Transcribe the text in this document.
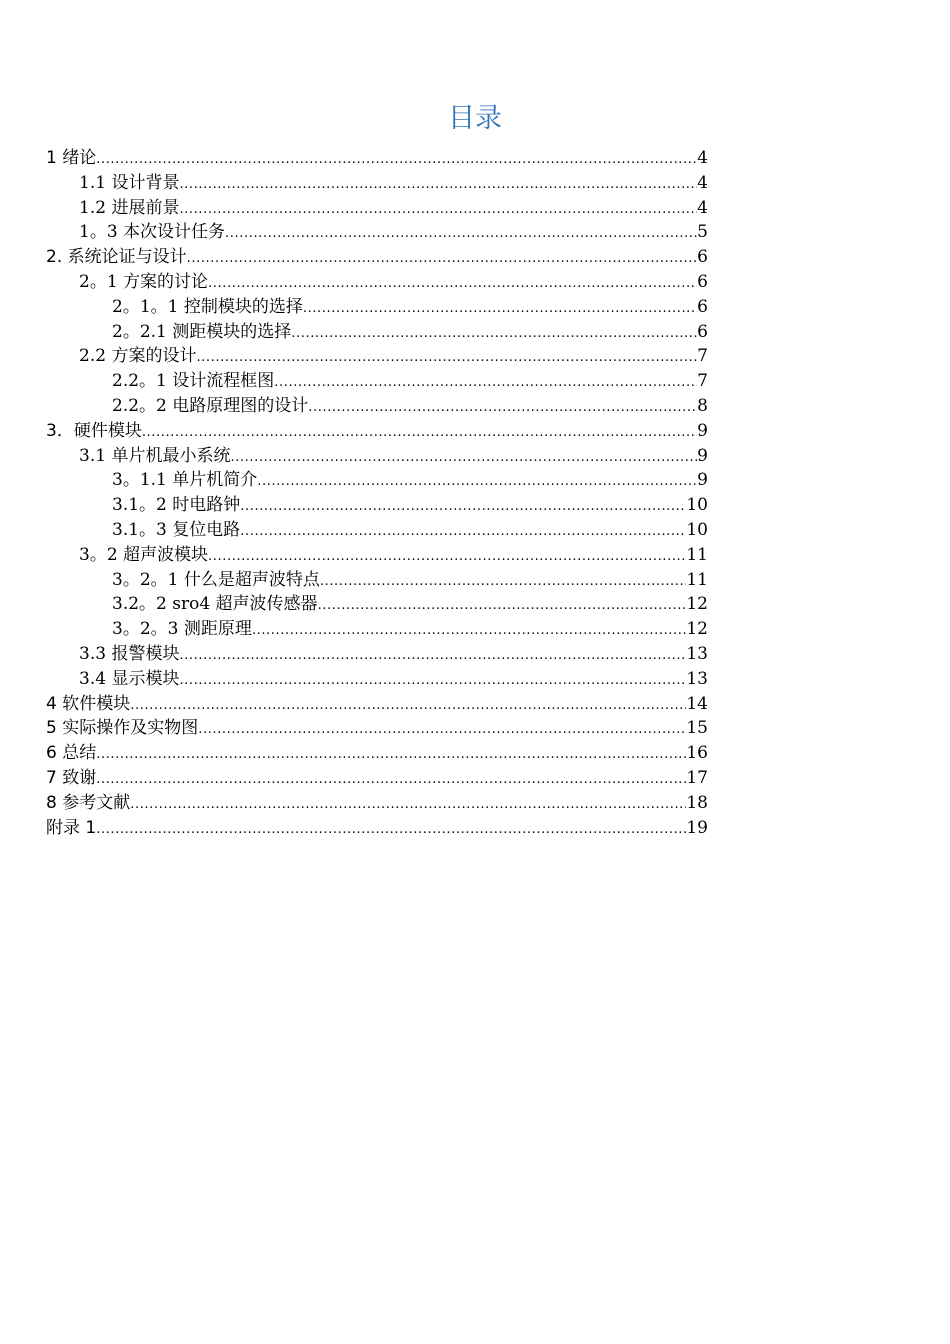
目录
1 绪论 .....	4
1.1 设计背景 .....	4
1.2 进展前景 .....	4
1。3 本次设计任务 .....	5
2. 系统论证与设计 .....	6
2。1 方案的讨论 .....	6
2。1。1 控制模块的选择 .....	6
2。2.1 测距模块的选择 .....	6
2.2 方案的设计 .....	7
2.2。1 设计流程框图 .....	7
2.2。2 电路原理图的设计 .....	8
3．硬件模块 .....	9
3.1 单片机最小系统 .....	9
3。1.1 单片机简介 .....	9
3.1。2 时电路钟 .....	10
3.1。3 复位电路 .....	10
3。2 超声波模块 .....	11
3。2。1 什么是超声波特点 .....	11
3.2。2 sro4 超声波传感器 .....	12
3。2。3 测距原理 .....	12
3.3 报警模块 .....	13
3.4 显示模块 .....	13
4 软件模块 .....	14
5 实际操作及实物图 .....	15
6 总结 .....	16
7 致谢 .....	17
8 参考文献 .....	18
附录 1 .....	19
